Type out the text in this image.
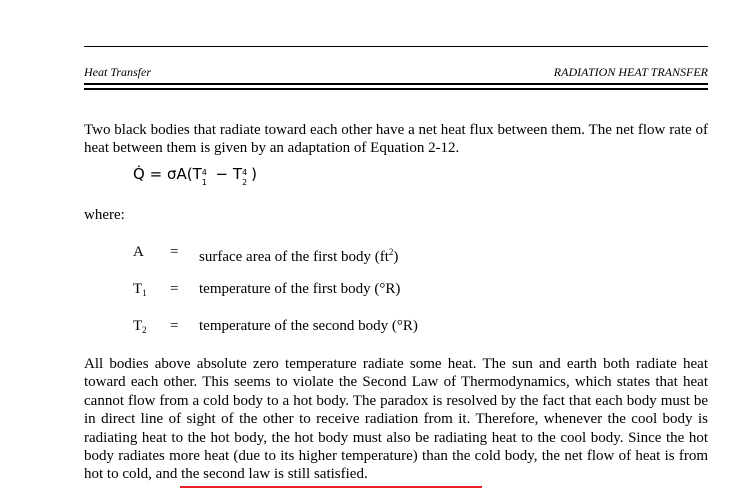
Heat Transfer	RADIATION HEAT TRANSFER
Two black bodies that radiate toward each other have a net heat flux between them. The net flow rate of heat between them is given by an adaptation of Equation 2-12.
Q̇ = σA(T 4
1 − T 4
2 )
where:
A = surface area of the first body $(ft^2)$
$T_1$ = temperature of the first body (°R)
$T_2$ = temperature of the second body (°R)
All bodies above absolute zero temperature radiate some heat. The sun and earth both radiate heat toward each other. This seems to violate the Second Law of Thermodynamics, which states that heat cannot flow from a cold body to a hot body. The paradox is resolved by the fact that each body must be in direct line of sight of the other to receive radiation from it. Therefore, whenever the cool body is radiating heat to the hot body, the hot body must also be radiating heat to the cool body. Since the hot body radiates more heat (due to its higher temperature) than the cold body, the net flow of heat is from hot to cold, and the second law is still satisfied.
